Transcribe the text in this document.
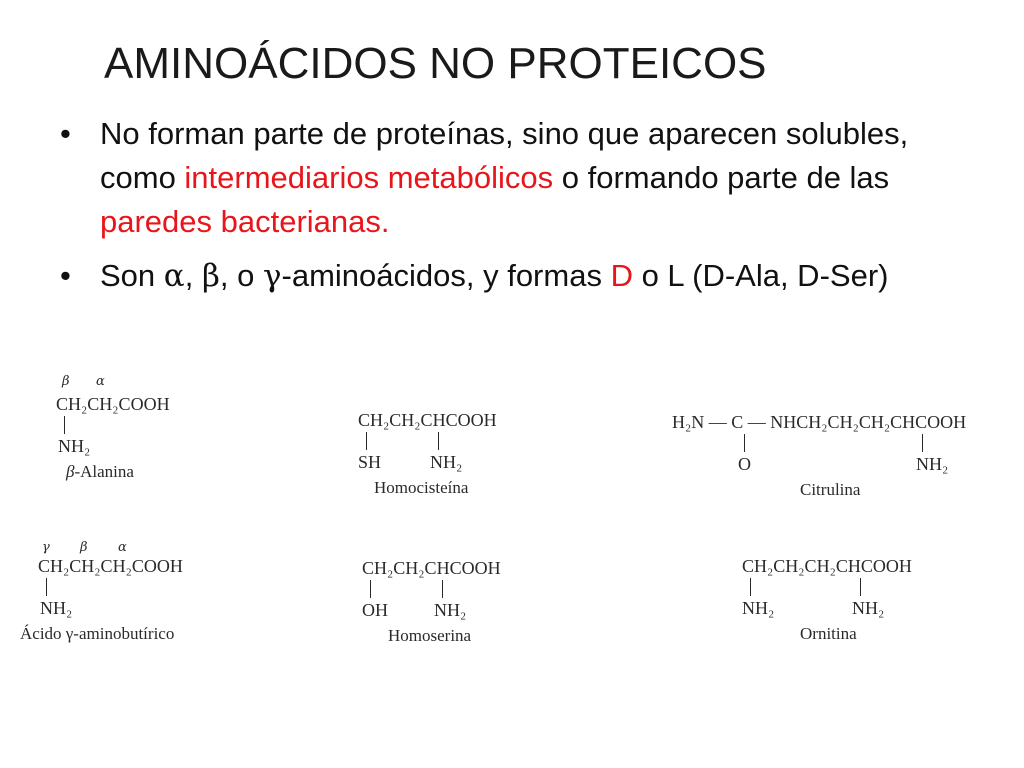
AMINOÁCIDOS NO PROTEICOS
• No forman parte de proteínas, sino que aparecen solubles, como intermediarios metabólicos o formando parte de las paredes bacterianas.
• Son α, β, o γ-aminoácidos, y formas D o L (D-Ala, D-Ser)
β α
CH₂CH₂COOH
NH₂
β-Alanina
CH₂CH₂CHCOOH
SH	NH₂
Homocisteína
H₂N — C — NHCH₂CH₂CH₂CHCOOH
O	NH₂
Citrulina
γ β α
CH₂CH₂CH₂COOH
NH₂
Ácido γ-aminobutírico
CH₂CH₂CHCOOH
OH	NH₂
Homoserina
CH₂CH₂CH₂CHCOOH
NH₂	NH₂
Ornitina
